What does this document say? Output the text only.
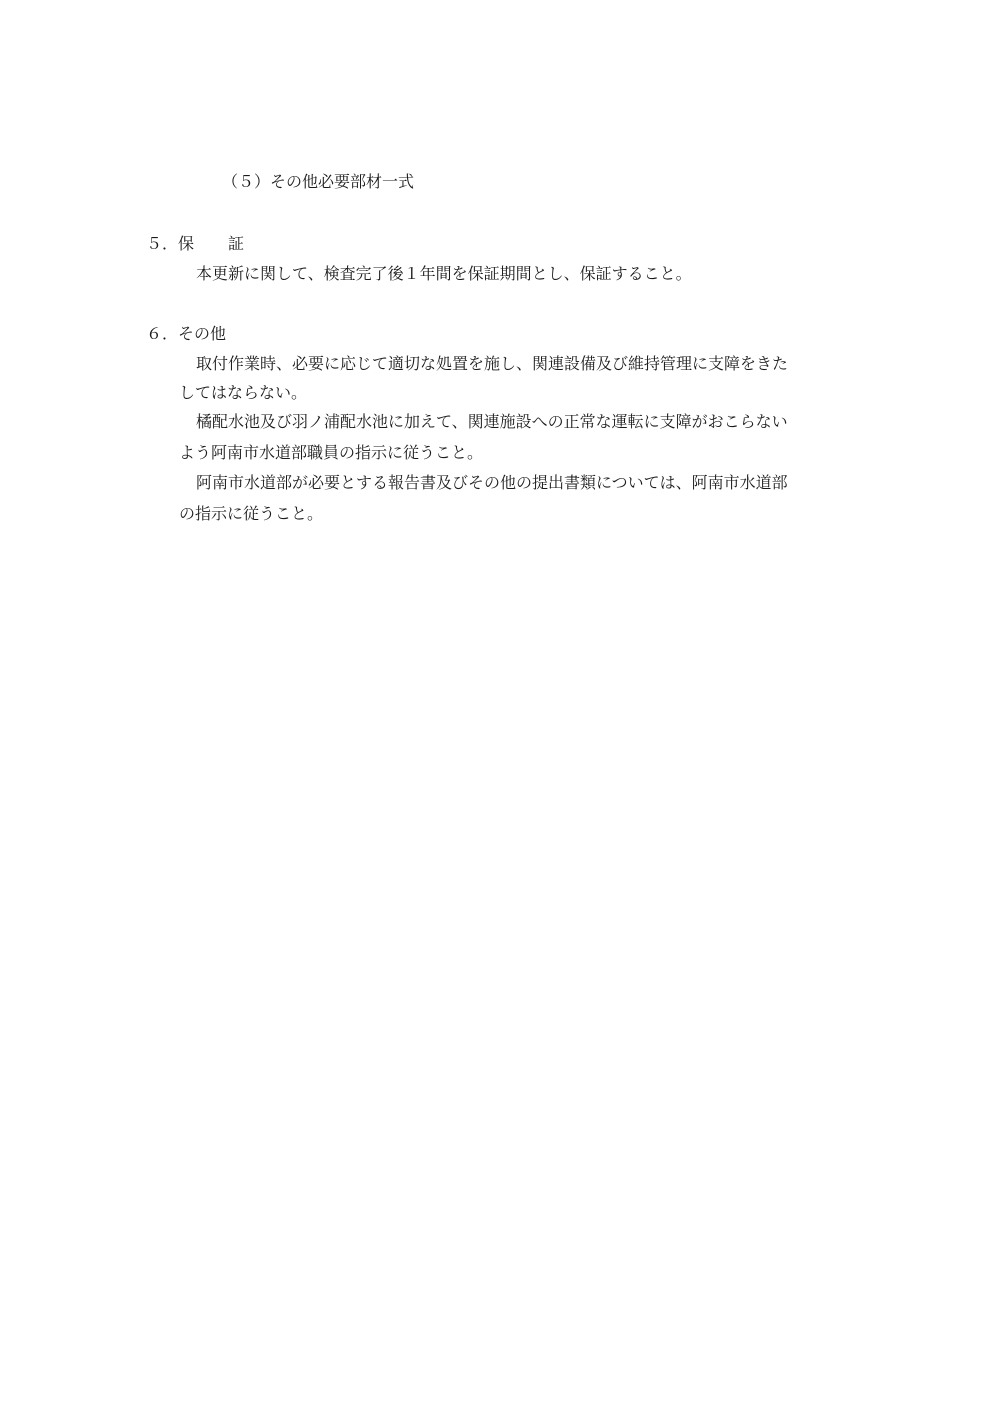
（５）その他必要部材一式
５．保 証
本更新に関して、検査完了後１年間を保証期間とし、保証すること。
６．その他
取付作業時、必要に応じて適切な処置を施し、関連設備及び維持管理に支障をきた
してはならない。
橘配水池及び羽ノ浦配水池に加えて、関連施設への正常な運転に支障がおこらない
よう阿南市水道部職員の指示に従うこと。
阿南市水道部が必要とする報告書及びその他の提出書類については、阿南市水道部
の指示に従うこと。
